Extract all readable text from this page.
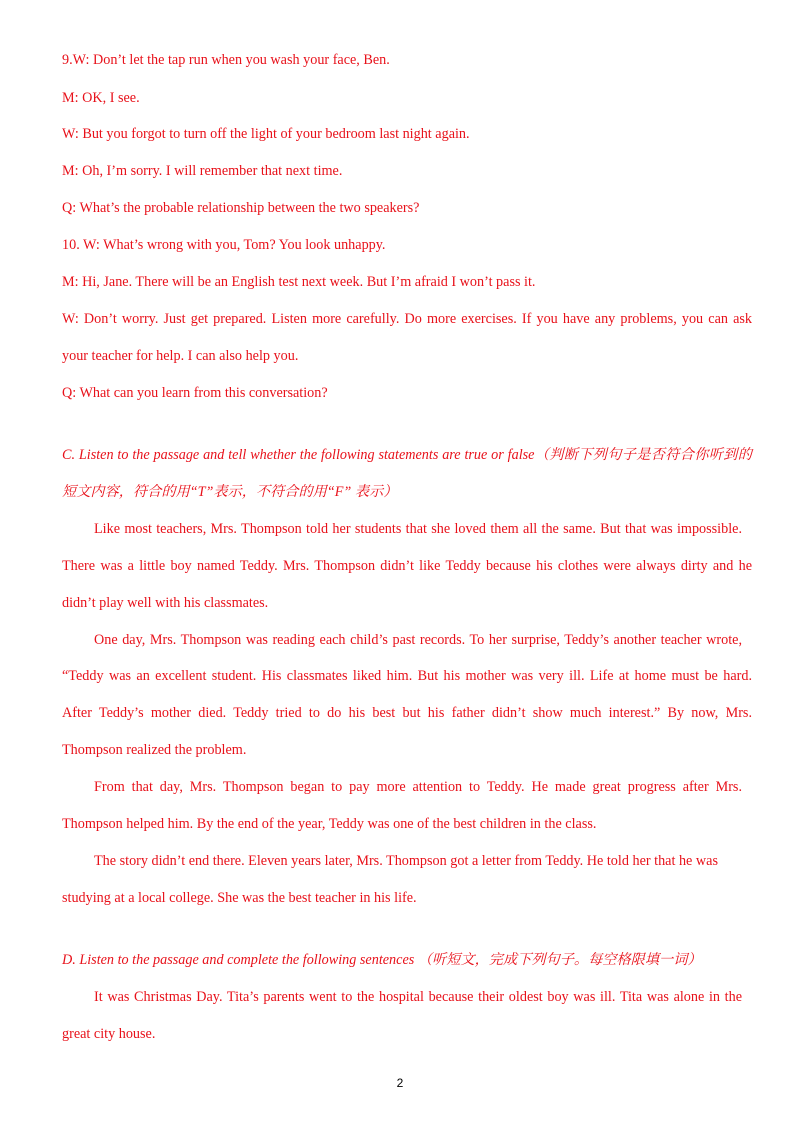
9.W: Don’t let the tap run when you wash your face, Ben.
M: OK, I see.
W: But you forgot to turn off the light of your bedroom last night again.
M: Oh, I’m sorry. I will remember that next time.
Q: What’s the probable relationship between the two speakers?
10. W: What’s wrong with you, Tom? You look unhappy.
M: Hi, Jane. There will be an English test next week. But I’m afraid I won’t pass it.
W: Don’t worry. Just get prepared. Listen more carefully. Do more exercises. If you have any problems, you can ask
your teacher for help. I can also help you.
Q: What can you learn from this conversation?
C. Listen to the passage and tell whether the following statements are true or false（判断下列句子是否符合你听到的
短文内容，符合的用“T”表示，不符合的用“F” 表示）
Like most teachers, Mrs. Thompson told her students that she loved them all the same. But that was impossible.
There was a little boy named Teddy. Mrs. Thompson didn’t like Teddy because his clothes were always dirty and he
didn’t play well with his classmates.
One day, Mrs. Thompson was reading each child’s past records. To her surprise, Teddy’s another teacher wrote,
“Teddy was an excellent student. His classmates liked him. But his mother was very ill. Life at home must be hard.
After Teddy’s mother died. Teddy tried to do his best but his father didn’t show much interest.” By now, Mrs.
Thompson realized the problem.
From that day, Mrs. Thompson began to pay more attention to Teddy. He made great progress after Mrs.
Thompson helped him. By the end of the year, Teddy was one of the best children in the class.
The story didn’t end there. Eleven years later, Mrs. Thompson got a letter from Teddy. He told her that he was
studying at a local college. She was the best teacher in his life.
D. Listen to the passage and complete the following sentences （听短文，完成下列句子。每空格限填一词）
It was Christmas Day. Tita’s parents went to the hospital because their oldest boy was ill. Tita was alone in the
great city house.
2
